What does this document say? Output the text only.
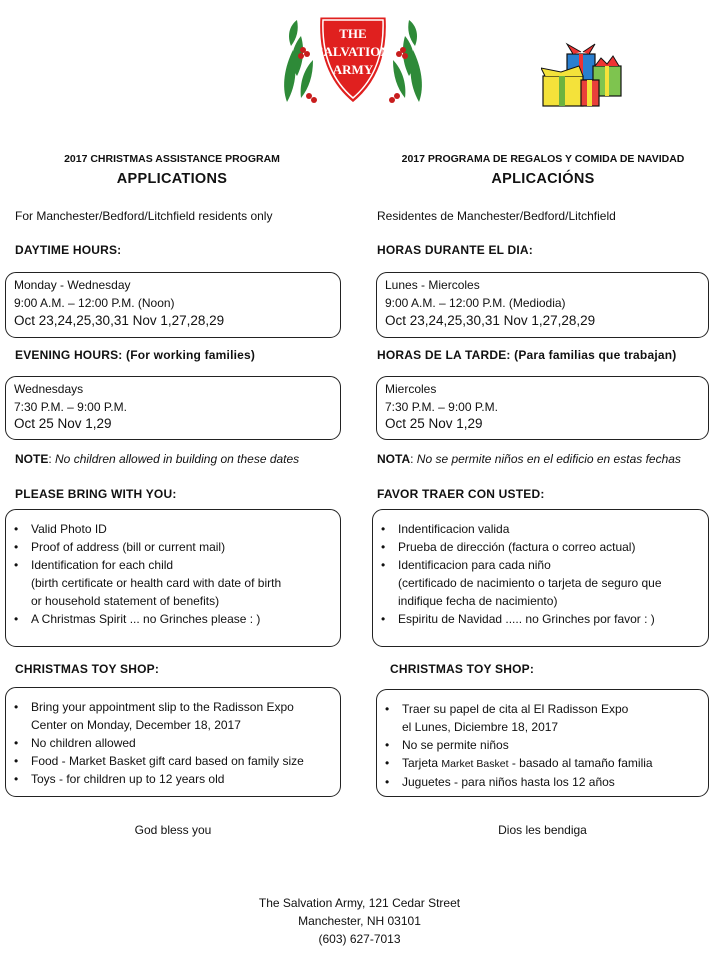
THE
SALVATION
ARMY
2017 CHRISTMAS ASSISTANCE PROGRAM
APPLICATIONS
For Manchester/Bedford/Litchfield residents only
DAYTIME HOURS:
Monday - Wednesday
9:00 A.M. – 12:00 P.M. (Noon)
Oct 23,24,25,30,31 Nov 1,27,28,29
EVENING HOURS: (For working families)
Wednesdays
7:30 P.M. – 9:00 P.M.
Oct 25 Nov 1,29
NOTE: No children allowed in building on these dates
PLEASE BRING WITH YOU:
• Valid Photo ID
• Proof of address (bill or current mail)
• Identification for each child
(birth certificate or health card with date of birth
or household statement of benefits)
• A Christmas Spirit ... no Grinches please : )
CHRISTMAS TOY SHOP:
• Bring your appointment slip to the Radisson Expo
Center on Monday, December 18, 2017
• No children allowed
• Food - Market Basket gift card based on family size
• Toys - for children up to 12 years old
God bless you
2017 PROGRAMA DE REGALOS Y COMIDA DE NAVIDAD
APLICACIÓNS
Residentes de Manchester/Bedford/Litchfield
HORAS DURANTE EL DIA:
Lunes - Miercoles
9:00 A.M. – 12:00 P.M. (Mediodia)
Oct 23,24,25,30,31 Nov 1,27,28,29
HORAS DE LA TARDE: (Para familias que trabajan)
Miercoles
7:30 P.M. – 9:00 P.M.
Oct 25 Nov 1,29
NOTA: No se permite niños en el edificio en estas fechas
FAVOR TRAER CON USTED:
• Indentificacion valida
• Prueba de dirección (factura o correo actual)
• Identificacion para cada niño
(certificado de nacimiento o tarjeta de seguro que
indifique fecha de nacimiento)
• Espiritu de Navidad ..... no Grinches por favor : )
CHRISTMAS TOY SHOP:
• Traer su papel de cita al El Radisson Expo
el Lunes, Diciembre 18, 2017
• No se permite niños
• Tarjeta Market Basket - basado al tamaño familia
• Juguetes - para niños hasta los 12 años
Dios les bendiga
The Salvation Army, 121 Cedar Street
Manchester, NH 03101
(603) 627-7013
